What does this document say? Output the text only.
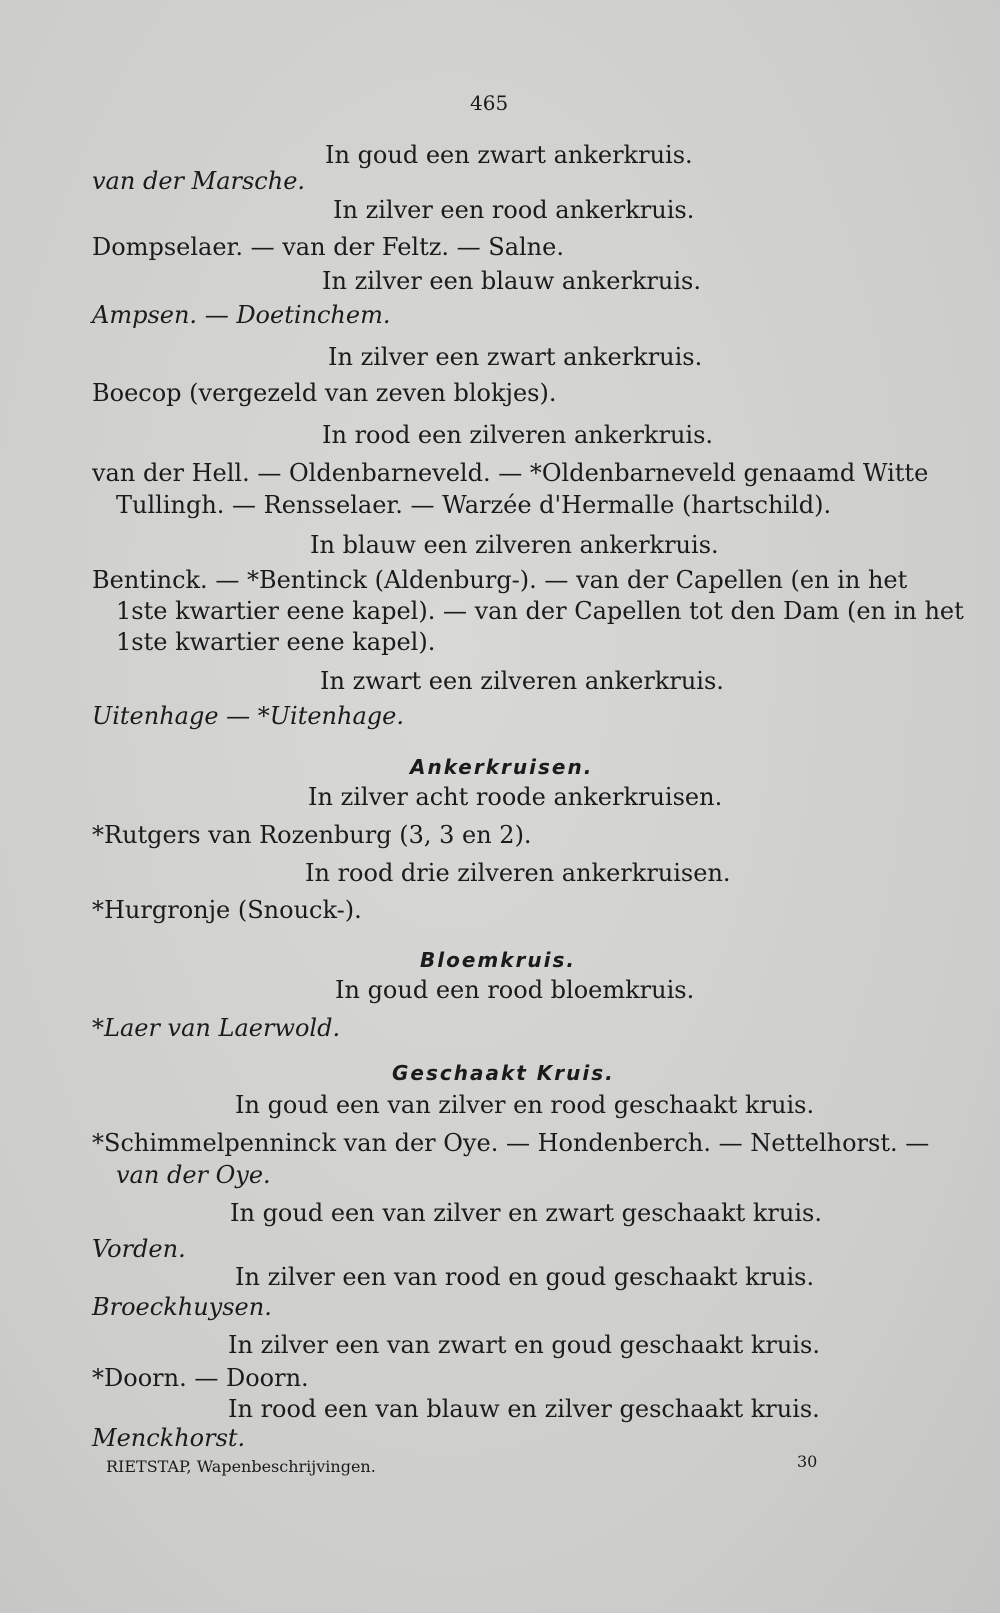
465
In goud een zwart ankerkruis.
van der Marsche.
In zilver een rood ankerkruis.
Dompselaer. — van der Feltz. — Salne.
In zilver een blauw ankerkruis.
Ampsen. — Doetinchem.
In zilver een zwart ankerkruis.
Boecop (vergezeld van zeven blokjes).
In rood een zilveren ankerkruis.
van der Hell. — Oldenbarneveld. — *Oldenbarneveld genaamd Witte
Tullingh. — Rensselaer. — Warzée d'Hermalle (hartschild).
In blauw een zilveren ankerkruis.
Bentinck. — *Bentinck (Aldenburg-). — van der Capellen (en in het
1ste kwartier eene kapel). — van der Capellen tot den Dam (en in het
1ste kwartier eene kapel).
In zwart een zilveren ankerkruis.
Uitenhage — *Uitenhage.
Ankerkruisen.
In zilver acht roode ankerkruisen.
*Rutgers van Rozenburg (3, 3 en 2).
In rood drie zilveren ankerkruisen.
*Hurgronje (Snouck-).
Bloemkruis.
In goud een rood bloemkruis.
*Laer van Laerwold.
Geschaakt Kruis.
In goud een van zilver en rood geschaakt kruis.
*Schimmelpenninck van der Oye. — Hondenberch. — Nettelhorst. —
van der Oye.
In goud een van zilver en zwart geschaakt kruis.
Vorden.
In zilver een van rood en goud geschaakt kruis.
Broeckhuysen.
In zilver een van zwart en goud geschaakt kruis.
*Doorn. — Doorn.
In rood een van blauw en zilver geschaakt kruis.
Menckhorst.
RIETSTAP, Wapenbeschrijvingen.	30
